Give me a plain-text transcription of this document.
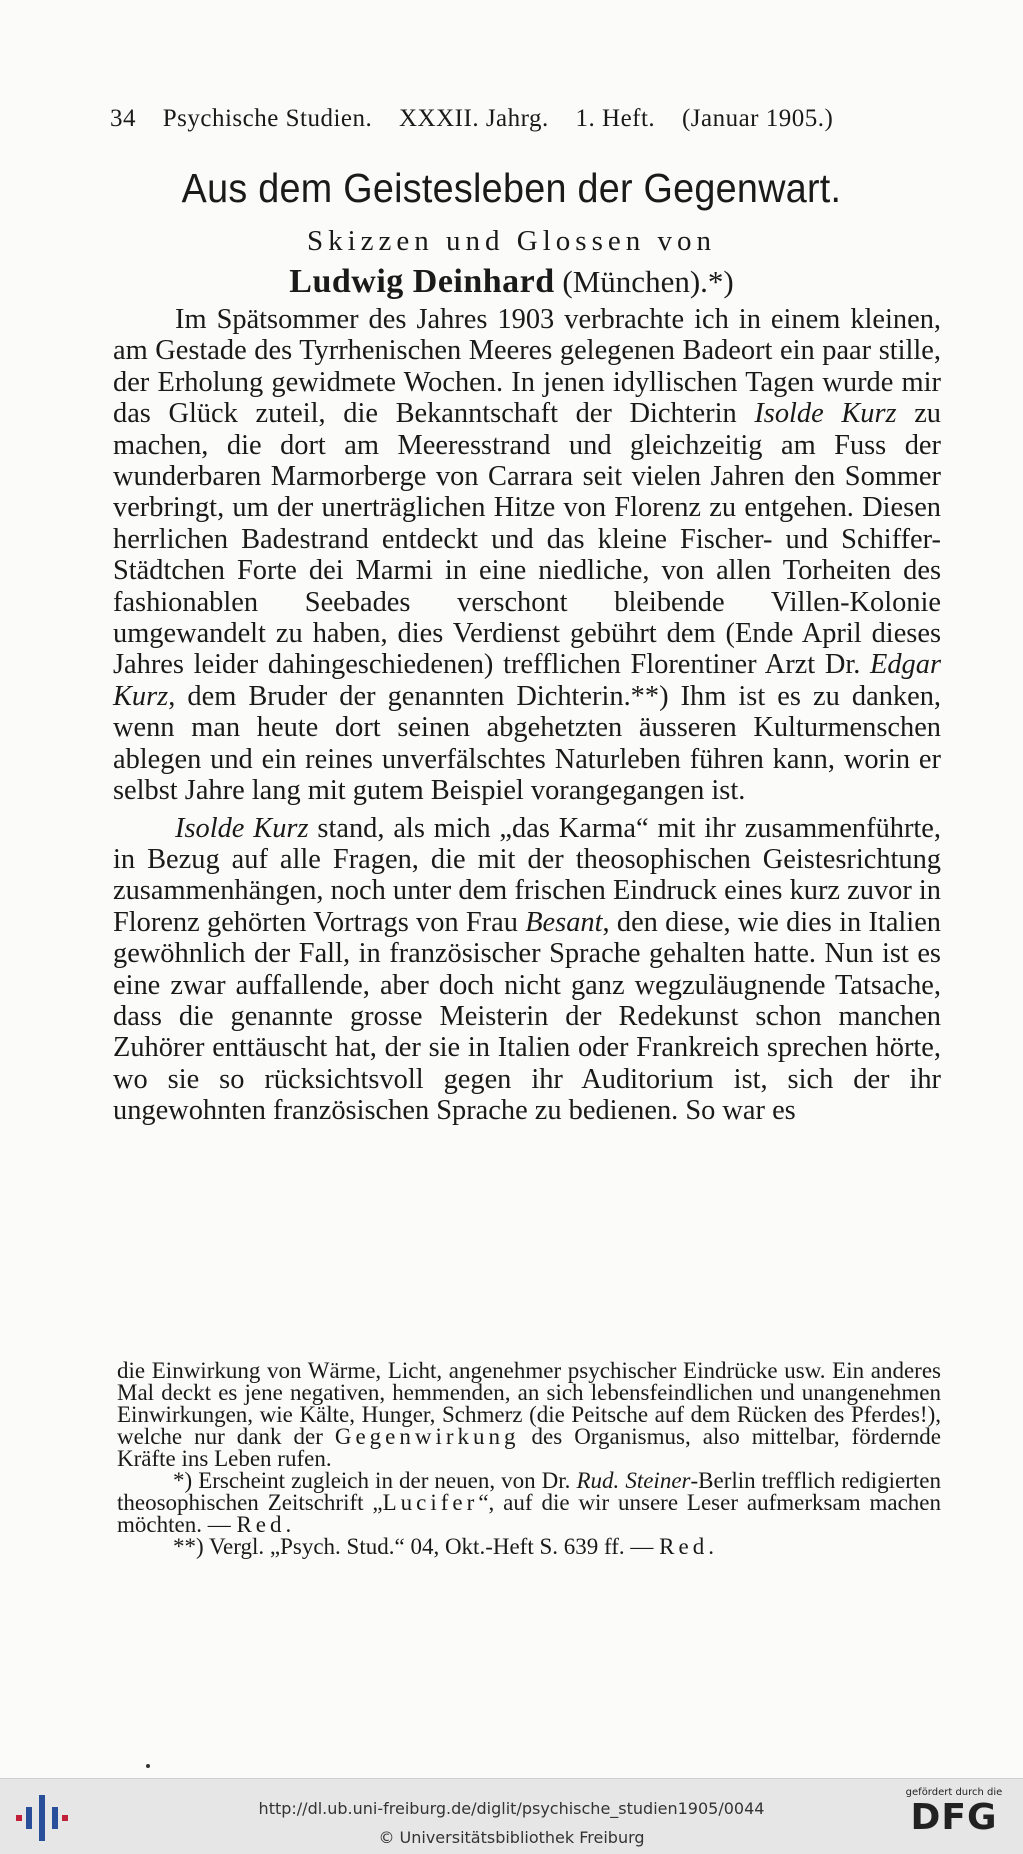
34 Psychische Studien. XXXII. Jahrg. 1. Heft. (Januar 1905.)
Aus dem Geistesleben der Gegenwart.
Skizzen und Glossen von
Ludwig Deinhard (München).*)

Im Spätsommer des Jahres 1903 verbrachte ich in einem kleinen, am Gestade des Tyrrhenischen Meeres gelegenen Badeort ein paar stille, der Erholung gewidmete Wochen. In jenen idyllischen Tagen wurde mir das Glück zuteil, die Bekanntschaft der Dichterin Isolde Kurz zu machen, die dort am Meeresstrand und gleichzeitig am Fuss der wunderbaren Marmorberge von Carrara seit vielen Jahren den Sommer verbringt, um der unerträglichen Hitze von Florenz zu entgehen. Diesen herrlichen Badestrand entdeckt und das kleine Fischer- und Schiffer-Städtchen Forte dei Marmi in eine niedliche, von allen Torheiten des fashionablen Seebades verschont bleibende Villen-Kolonie umgewandelt zu haben, dies Verdienst gebührt dem (Ende April dieses Jahres leider dahingeschiedenen) trefflichen Florentiner Arzt Dr. Edgar Kurz, dem Bruder der genannten Dichterin.**) Ihm ist es zu danken, wenn man heute dort seinen abgehetzten äusseren Kulturmenschen ablegen und ein reines unverfälschtes Naturleben führen kann, worin er selbst Jahre lang mit gutem Beispiel vorangegangen ist.

Isolde Kurz stand, als mich „das Karma“ mit ihr zusammenführte, in Bezug auf alle Fragen, die mit der theosophischen Geistesrichtung zusammenhängen, noch unter dem frischen Eindruck eines kurz zuvor in Florenz gehörten Vortrags von Frau Besant, den diese, wie dies in Italien gewöhnlich der Fall, in französischer Sprache gehalten hatte. Nun ist es eine zwar auffallende, aber doch nicht ganz wegzuläugnende Tatsache, dass die genannte grosse Meisterin der Redekunst schon manchen Zuhörer enttäuscht hat, der sie in Italien oder Frankreich sprechen hörte, wo sie so rücksichtsvoll gegen ihr Auditorium ist, sich der ihr ungewohnten französischen Sprache zu bedienen. So war es

die Einwirkung von Wärme, Licht, angenehmer psychischer Eindrücke usw. Ein anderes Mal deckt es jene negativen, hemmenden, an sich lebensfeindlichen und unangenehmen Einwirkungen, wie Kälte, Hunger, Schmerz (die Peitsche auf dem Rücken des Pferdes!), welche nur dank der Gegenwirkung des Organismus, also mittelbar, fördernde Kräfte ins Leben rufen.

*) Erscheint zugleich in der neuen, von Dr. Rud. Steiner-Berlin trefflich redigierten theosophischen Zeitschrift „Lucifer“, auf die wir unsere Leser aufmerksam machen möchten. — Red.

**) Vergl. „Psych. Stud.“ 04, Okt.-Heft S. 639 ff. — Red.

http://dl.ub.uni-freiburg.de/diglit/psychische_studien1905/0044
© Universitätsbibliothek Freiburg
gefördert durch die
DFG
